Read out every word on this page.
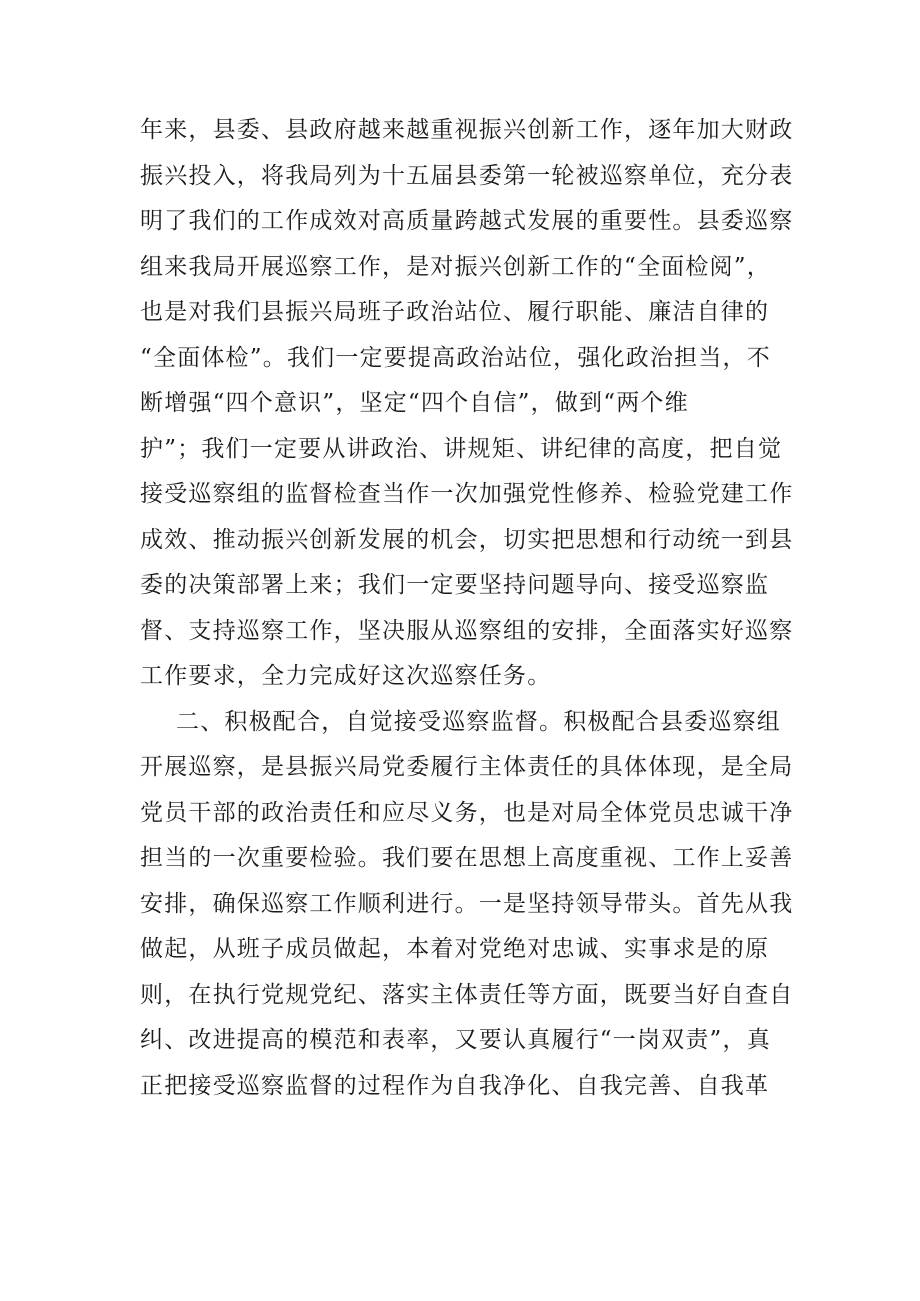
年来，县委、县政府越来越重视振兴创新工作，逐年加大财政
振兴投入，将我局列为十五届县委第一轮被巡察单位，充分表
明了我们的工作成效对高质量跨越式发展的重要性。县委巡察
组来我局开展巡察工作，是对振兴创新工作的“全面检阅”，
也是对我们县振兴局班子政治站位、履行职能、廉洁自律的
“全面体检”。我们一定要提高政治站位，强化政治担当，不
断增强“四个意识”，坚定“四个自信”，做到“两个维
护”；我们一定要从讲政治、讲规矩、讲纪律的高度，把自觉
接受巡察组的监督检查当作一次加强党性修养、检验党建工作
成效、推动振兴创新发展的机会，切实把思想和行动统一到县
委的决策部署上来；我们一定要坚持问题导向、接受巡察监
督、支持巡察工作，坚决服从巡察组的安排，全面落实好巡察
工作要求，全力完成好这次巡察任务。
二、积极配合，自觉接受巡察监督。积极配合县委巡察组
开展巡察，是县振兴局党委履行主体责任的具体体现，是全局
党员干部的政治责任和应尽义务，也是对局全体党员忠诚干净
担当的一次重要检验。我们要在思想上高度重视、工作上妥善
安排，确保巡察工作顺利进行。一是坚持领导带头。首先从我
做起，从班子成员做起，本着对党绝对忠诚、实事求是的原
则，在执行党规党纪、落实主体责任等方面，既要当好自查自
纠、改进提高的模范和表率，又要认真履行“一岗双责”，真
正把接受巡察监督的过程作为自我净化、自我完善、自我革
